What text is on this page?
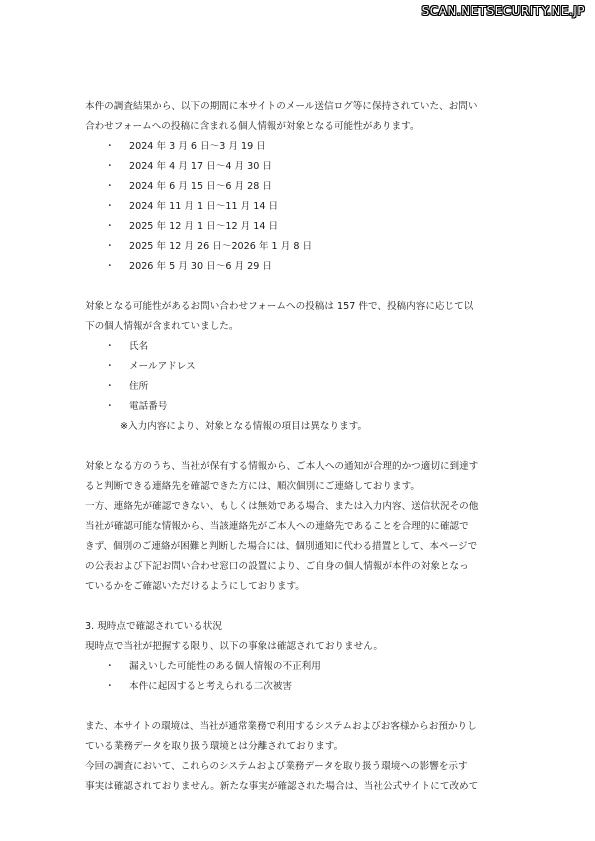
SCAN.NETSECURITY.NE.JP

本件の調査結果から、以下の期間に本サイトのメール送信ログ等に保持されていた、お問い
合わせフォームへの投稿に含まれる個人情報が対象となる可能性があります。

・ 2024 年 3 月 6 日～3 月 19 日
・ 2024 年 4 月 17 日～4 月 30 日
・ 2024 年 6 月 15 日～6 月 28 日
・ 2024 年 11 月 1 日～11 月 14 日
・ 2025 年 12 月 1 日～12 月 14 日
・ 2025 年 12 月 26 日～2026 年 1 月 8 日
・ 2026 年 5 月 30 日～6 月 29 日

対象となる可能性があるお問い合わせフォームへの投稿は 157 件で、投稿内容に応じて以
下の個人情報が含まれていました。

・ 氏名
・ メールアドレス
・ 住所
・ 電話番号
※入力内容により、対象となる情報の項目は異なります。

対象となる方のうち、当社が保有する情報から、ご本人への通知が合理的かつ適切に到達す
ると判断できる連絡先を確認できた方には、順次個別にご連絡しております。
一方、連絡先が確認できない、もしくは無効である場合、または入力内容、送信状況その他
当社が確認可能な情報から、当該連絡先がご本人への連絡先であることを合理的に確認で
きず、個別のご連絡が困難と判断した場合には、個別通知に代わる措置として、本ページで
の公表および下記お問い合わせ窓口の設置により、ご自身の個人情報が本件の対象となっ
ているかをご確認いただけるようにしております。

3. 現時点で確認されている状況
現時点で当社が把握する限り、以下の事象は確認されておりません。
・ 漏えいした可能性のある個人情報の不正利用
・ 本件に起因すると考えられる二次被害

また、本サイトの環境は、当社が通常業務で利用するシステムおよびお客様からお預かりし
ている業務データを取り扱う環境とは分離されております。
今回の調査において、これらのシステムおよび業務データを取り扱う環境への影響を示す
事実は確認されておりません。新たな事実が確認された場合は、当社公式サイトにて改めて
